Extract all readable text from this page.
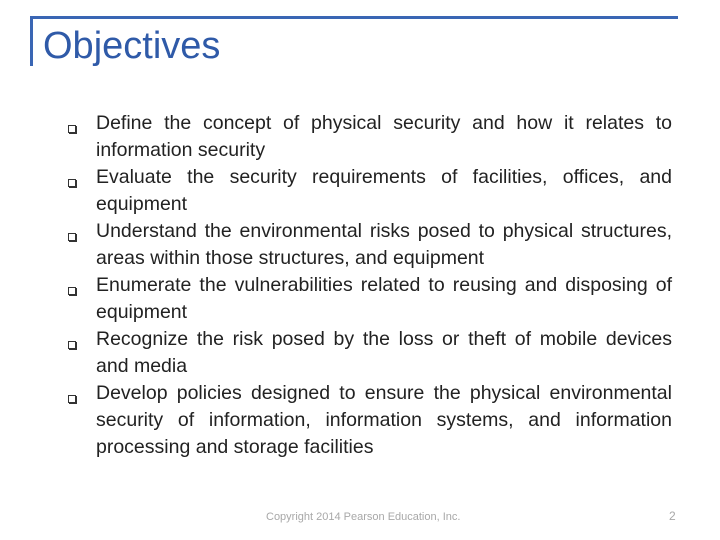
Objectives
Define the concept of physical security and how it relates to information security
Evaluate the security requirements of facilities, offices, and equipment
Understand the environmental risks posed to physical structures, areas within those structures, and equipment
Enumerate the vulnerabilities related to reusing and disposing of equipment
Recognize the risk posed by the loss or theft of mobile devices and media
Develop policies designed to ensure the physical environmental security of information, information systems, and information processing and storage facilities
Copyright 2014 Pearson Education, Inc.	2
